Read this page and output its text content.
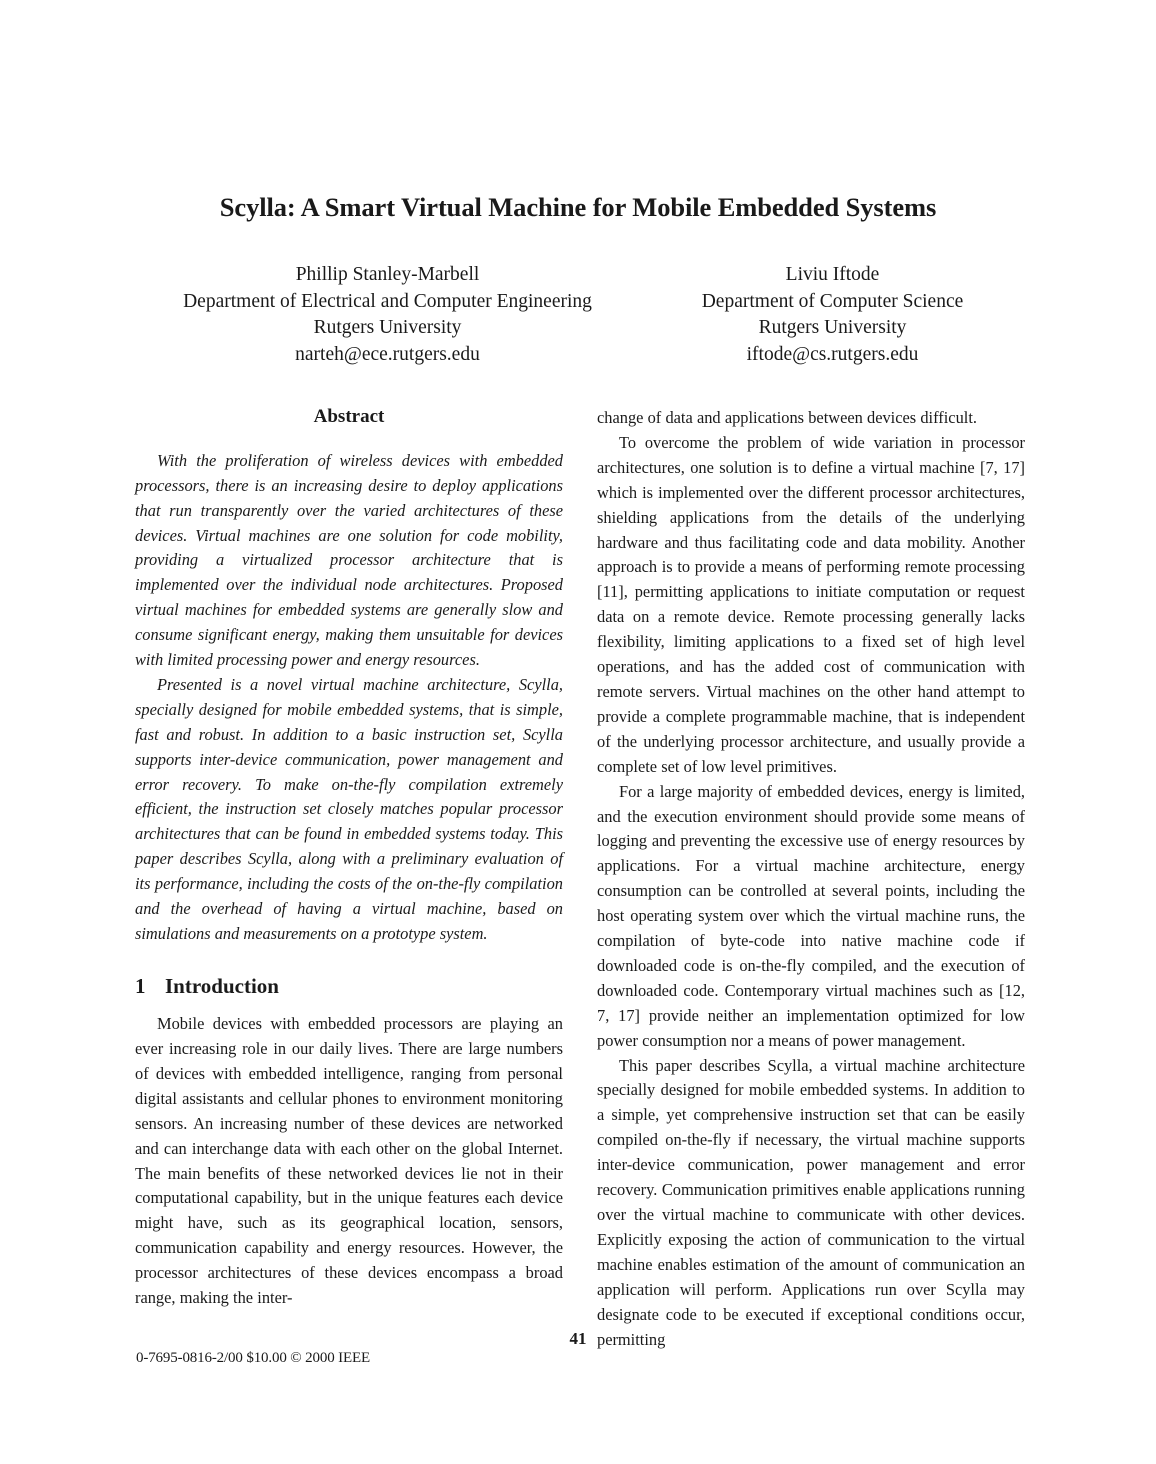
Scylla: A Smart Virtual Machine for Mobile Embedded Systems
Phillip Stanley-Marbell
Department of Electrical and Computer Engineering
Rutgers University
narteh@ece.rutgers.edu
Liviu Iftode
Department of Computer Science
Rutgers University
iftode@cs.rutgers.edu
Abstract

With the proliferation of wireless devices with embedded processors, there is an increasing desire to deploy applications that run transparently over the varied architectures of these devices. Virtual machines are one solution for code mobility, providing a virtualized processor architecture that is implemented over the individual node architectures. Proposed virtual machines for embedded systems are generally slow and consume significant energy, making them unsuitable for devices with limited processing power and energy resources.

Presented is a novel virtual machine architecture, Scylla, specially designed for mobile embedded systems, that is simple, fast and robust. In addition to a basic instruction set, Scylla supports inter-device communication, power management and error recovery. To make on-the-fly compilation extremely efficient, the instruction set closely matches popular processor architectures that can be found in embedded systems today. This paper describes Scylla, along with a preliminary evaluation of its performance, including the costs of the on-the-fly compilation and the overhead of having a virtual machine, based on simulations and measurements on a prototype system.

1 Introduction

Mobile devices with embedded processors are playing an ever increasing role in our daily lives. There are large numbers of devices with embedded intelligence, ranging from personal digital assistants and cellular phones to environment monitoring sensors. An increasing number of these devices are networked and can interchange data with each other on the global Internet. The main benefits of these networked devices lie not in their computational capability, but in the unique features each device might have, such as its geographical location, sensors, communication capability and energy resources. However, the processor architectures of these devices encompass a broad range, making the inter-

change of data and applications between devices difficult.

To overcome the problem of wide variation in processor architectures, one solution is to define a virtual machine [7, 17] which is implemented over the different processor architectures, shielding applications from the details of the underlying hardware and thus facilitating code and data mobility. Another approach is to provide a means of performing remote processing [11], permitting applications to initiate computation or request data on a remote device. Remote processing generally lacks flexibility, limiting applications to a fixed set of high level operations, and has the added cost of communication with remote servers. Virtual machines on the other hand attempt to provide a complete programmable machine, that is independent of the underlying processor architecture, and usually provide a complete set of low level primitives.

For a large majority of embedded devices, energy is limited, and the execution environment should provide some means of logging and preventing the excessive use of energy resources by applications. For a virtual machine architecture, energy consumption can be controlled at several points, including the host operating system over which the virtual machine runs, the compilation of byte-code into native machine code if downloaded code is on-the-fly compiled, and the execution of downloaded code. Contemporary virtual machines such as [12, 7, 17] provide neither an implementation optimized for low power consumption nor a means of power management.

This paper describes Scylla, a virtual machine architecture specially designed for mobile embedded systems. In addition to a simple, yet comprehensive instruction set that can be easily compiled on-the-fly if necessary, the virtual machine supports inter-device communication, power management and error recovery. Communication primitives enable applications running over the virtual machine to communicate with other devices. Explicitly exposing the action of communication to the virtual machine enables estimation of the amount of communication an application will perform. Applications run over Scylla may designate code to be executed if exceptional conditions occur, permitting

41
0-7695-0816-2/00 $10.00 © 2000 IEEE
